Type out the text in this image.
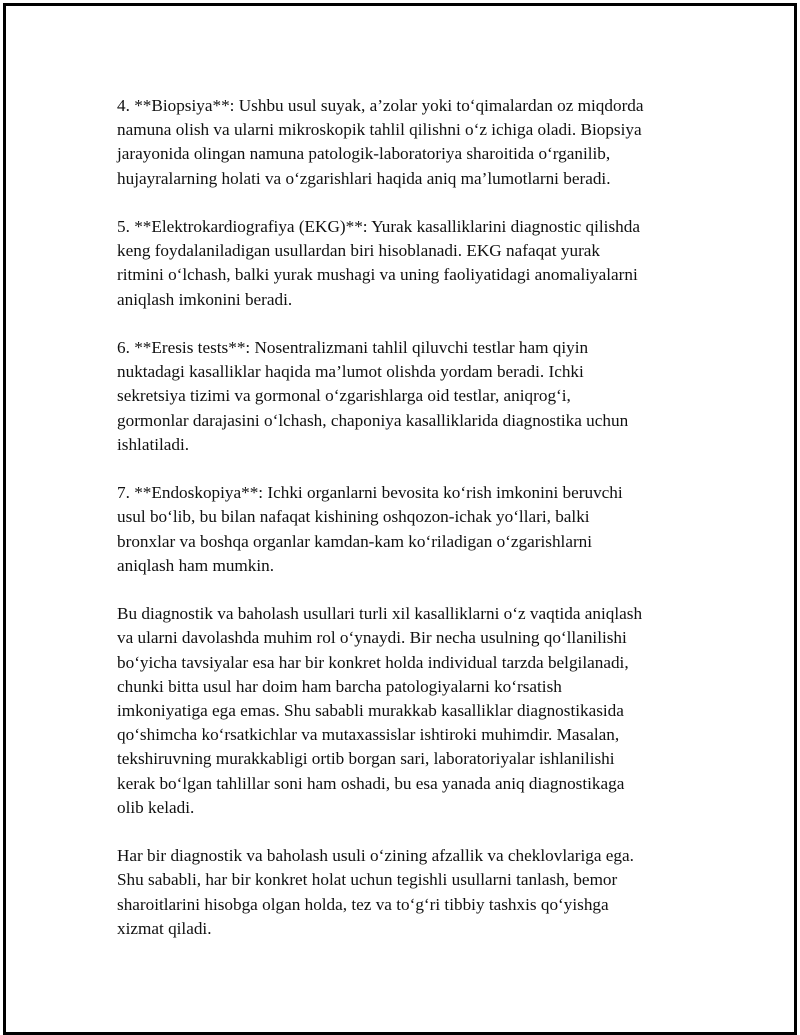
4. **Biopsiya**: Ushbu usul suyak, a’zolar yoki to‘qimalardan oz miqdorda
namuna olish va ularni mikroskopik tahlil qilishni o‘z ichiga oladi. Biopsiya
jarayonida olingan namuna patologik-laboratoriya sharoitida o‘rganilib,
hujayralarning holati va o‘zgarishlari haqida aniq ma’lumotlarni beradi.

5. **Elektrokardiografiya (EKG)**: Yurak kasalliklarini diagnostic qilishda
keng foydalaniladigan usullardan biri hisoblanadi. EKG nafaqat yurak
ritmini o‘lchash, balki yurak mushagi va uning faoliyatidagi anomaliyalarni
aniqlash imkonini beradi.

6. **Eresis tests**: Nosentralizmani tahlil qiluvchi testlar ham qiyin
nuktadagi kasalliklar haqida ma’lumot olishda yordam beradi. Ichki
sekretsiya tizimi va gormonal o‘zgarishlarga oid testlar, aniqrog‘i,
gormonlar darajasini o‘lchash, chaponiya kasalliklarida diagnostika uchun
ishlatiladi.

7. **Endoskopiya**: Ichki organlarni bevosita ko‘rish imkonini beruvchi
usul bo‘lib, bu bilan nafaqat kishining oshqozon-ichak yo‘llari, balki
bronxlar va boshqa organlar kamdan-kam ko‘riladigan o‘zgarishlarni
aniqlash ham mumkin.

Bu diagnostik va baholash usullari turli xil kasalliklarni o‘z vaqtida aniqlash
va ularni davolashda muhim rol o‘ynaydi. Bir necha usulning qo‘llanilishi
bo‘yicha tavsiyalar esa har bir konkret holda individual tarzda belgilanadi,
chunki bitta usul har doim ham barcha patologiyalarni ko‘rsatish
imkoniyatiga ega emas. Shu sababli murakkab kasalliklar diagnostikasida
qo‘shimcha ko‘rsatkichlar va mutaxassislar ishtiroki muhimdir. Masalan,
tekshiruvning murakkabligi ortib borgan sari, laboratoriyalar ishlanilishi
kerak bo‘lgan tahlillar soni ham oshadi, bu esa yanada aniq diagnostikaga
olib keladi.

Har bir diagnostik va baholash usuli o‘zining afzallik va cheklovlariga ega.
Shu sababli, har bir konkret holat uchun tegishli usullarni tanlash, bemor
sharoitlarini hisobga olgan holda, tez va to‘g‘ri tibbiy tashxis qo‘yishga
xizmat qiladi.
